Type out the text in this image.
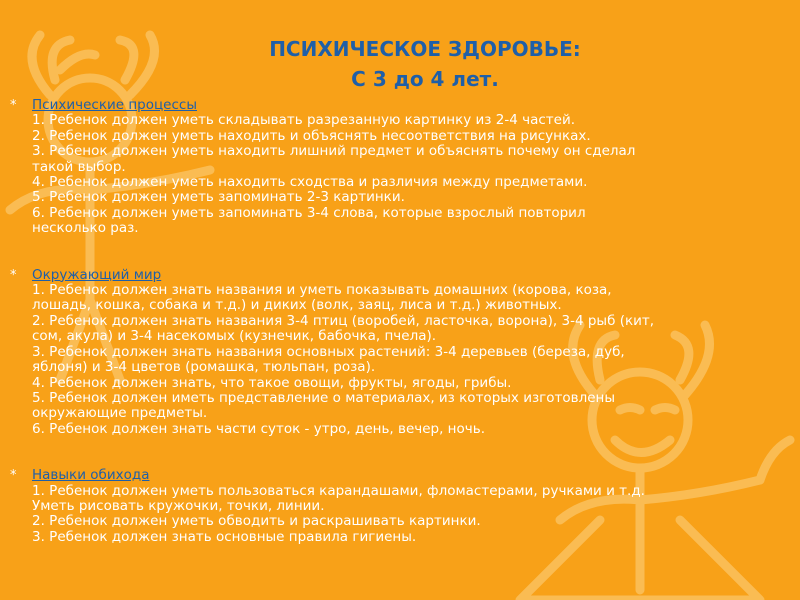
ПСИХИЧЕСКОЕ ЗДОРОВЬЕ:
С 3 до 4 лет.
* Психические процессы
1. Ребенок должен уметь складывать разрезанную картинку из 2-4 частей.
2. Ребенок должен уметь находить и объяснять несоответствия на рисунках.
3. Ребенок должен уметь находить лишний предмет и объяснять почему он сделал
такой выбор.
4. Ребенок должен уметь находить сходства и различия между предметами.
5. Ребенок должен уметь запоминать 2-3 картинки.
6. Ребенок должен уметь запоминать 3-4 слова, которые взрослый повторил
несколько раз.
* Окружающий мир
1. Ребенок должен знать названия и уметь показывать домашних (корова, коза,
лошадь, кошка, собака и т.д.) и диких (волк, заяц, лиса и т.д.) животных.
2. Ребенок должен знать названия 3-4 птиц (воробей, ласточка, ворона), 3-4 рыб (кит,
сом, акула) и 3-4 насекомых (кузнечик, бабочка, пчела).
3. Ребенок должен знать названия основных растений: 3-4 деревьев (береза, дуб,
яблоня) и 3-4 цветов (ромашка, тюльпан, роза).
4. Ребенок должен знать, что такое овощи, фрукты, ягоды, грибы.
5. Ребенок должен иметь представление о материалах, из которых изготовлены
окружающие предметы.
6. Ребенок должен знать части суток - утро, день, вечер, ночь.
* Навыки обихода
1. Ребенок должен уметь пользоваться карандашами, фломастерами, ручками и т.д.
Уметь рисовать кружочки, точки, линии.
2. Ребенок должен уметь обводить и раскрашивать картинки.
3. Ребенок должен знать основные правила гигиены.
